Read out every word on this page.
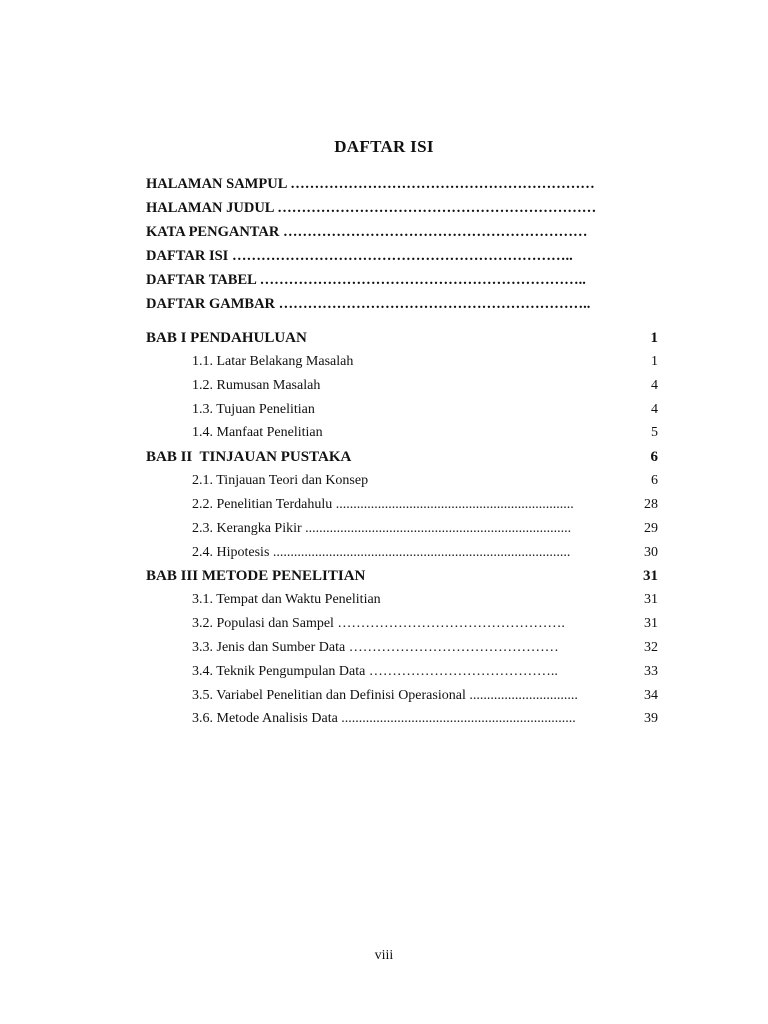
DAFTAR ISI
HALAMAN SAMPUL ………………………………………………………
HALAMAN JUDUL …………………………………………………………
KATA PENGANTAR ………………………………………………………
DAFTAR ISI ……………………………………………………………..
DAFTAR TABEL …………………………………………………………..
DAFTAR GAMBAR ………………………………………………………..
BAB I PENDAHULUAN	1
1.1. Latar Belakang Masalah	1
1.2. Rumusan Masalah	4
1.3. Tujuan Penelitian	4
1.4. Manfaat Penelitian	5
BAB II  TINJAUAN PUSTAKA	6
2.1. Tinjauan Teori dan Konsep	6
2.2. Penelitian Terdahulu ....................................................................	28
2.3. Kerangka Pikir ............................................................................	29
2.4. Hipotesis .....................................................................................	30
BAB III METODE PENELITIAN	31
3.1. Tempat dan Waktu Penelitian	31
3.2. Populasi dan Sampel ………………………………………….	31
3.3. Jenis dan Sumber Data ………………………………………	32
3.4. Teknik Pengumpulan Data …………………………………..	33
3.5. Variabel Penelitian dan Definisi Operasional ...............................	34
3.6. Metode Analisis Data ...................................................................	39
viii
